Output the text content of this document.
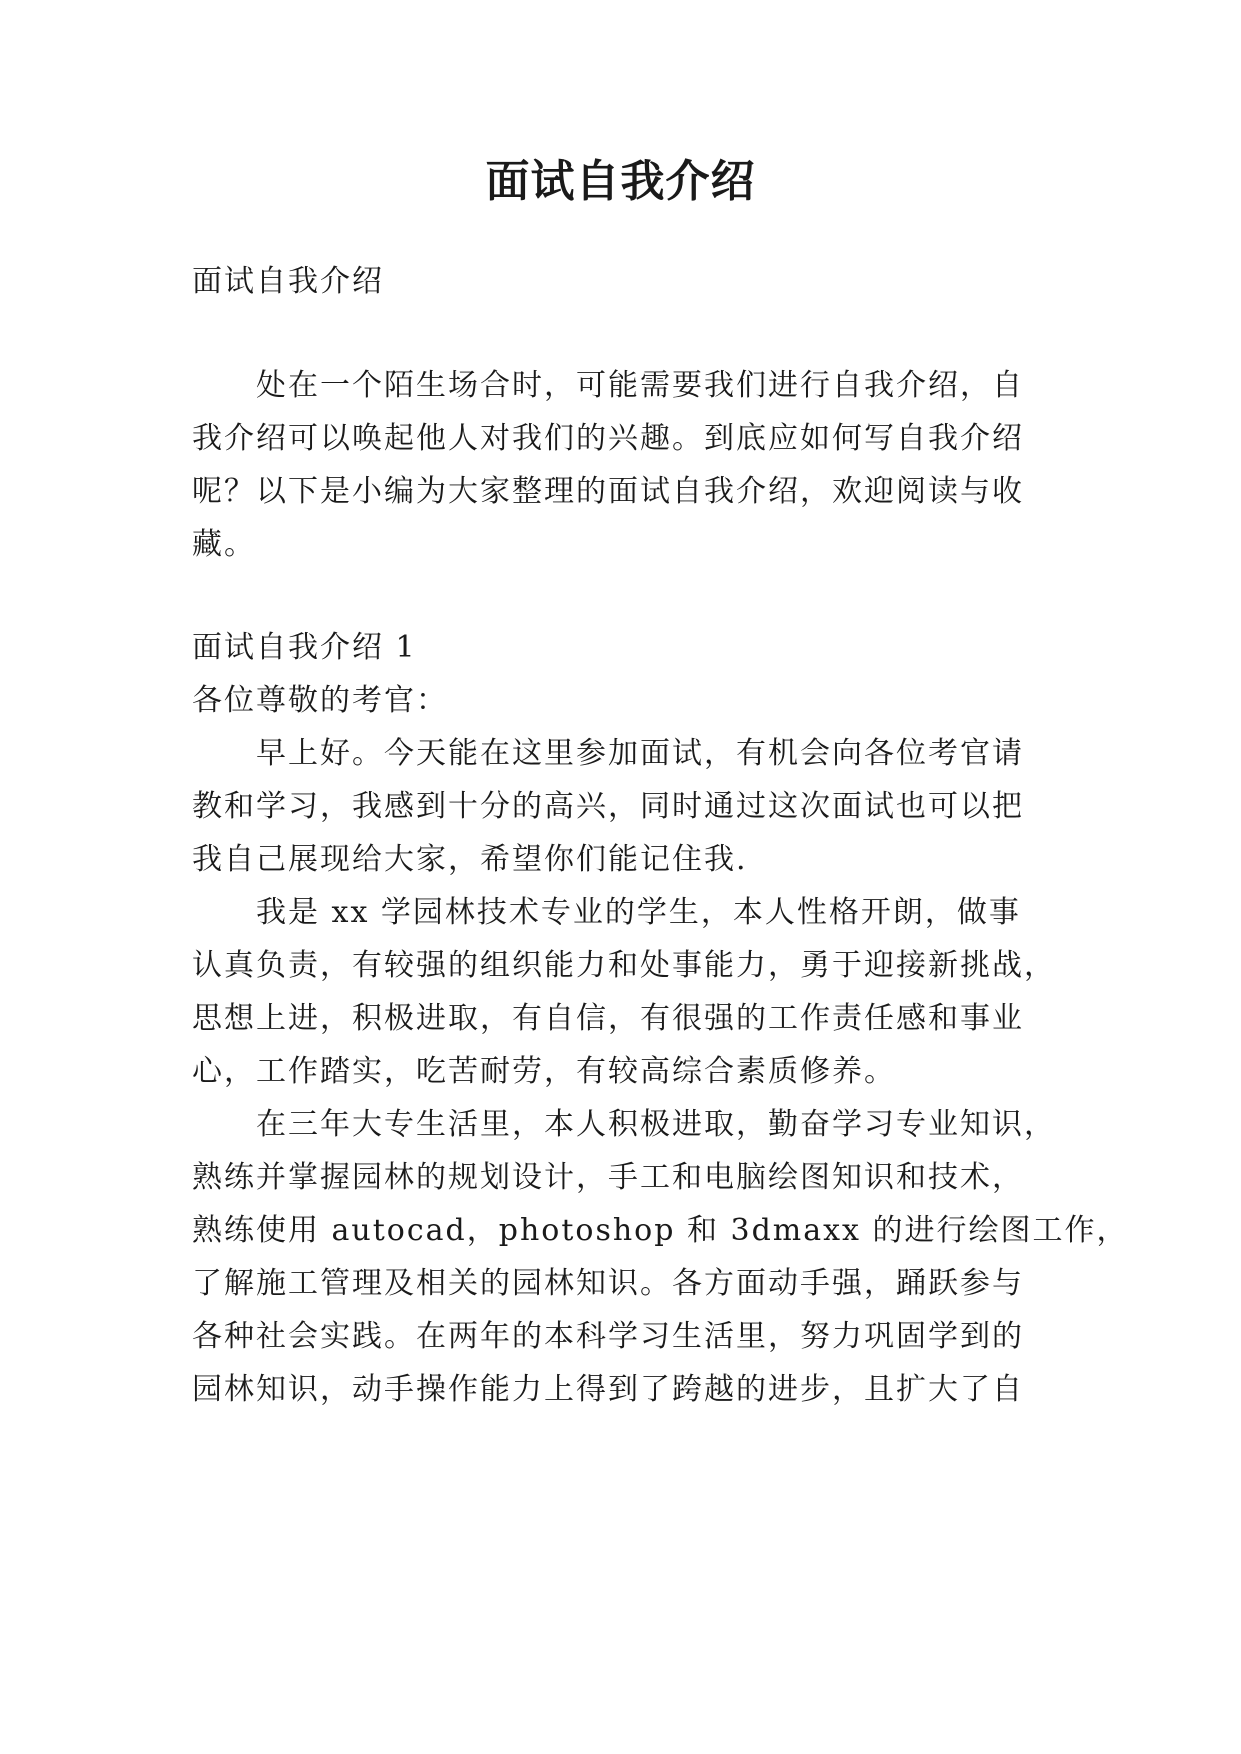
面试自我介绍
面试自我介绍
处在一个陌生场合时，可能需要我们进行自我介绍，自
我介绍可以唤起他人对我们的兴趣。到底应如何写自我介绍
呢？以下是小编为大家整理的面试自我介绍，欢迎阅读与收
藏。
面试自我介绍 1
各位尊敬的考官：
早上好。今天能在这里参加面试，有机会向各位考官请
教和学习，我感到十分的高兴，同时通过这次面试也可以把
我自己展现给大家，希望你们能记住我.
我是 xx 学园林技术专业的学生，本人性格开朗，做事
认真负责，有较强的组织能力和处事能力，勇于迎接新挑战，
思想上进，积极进取，有自信，有很强的工作责任感和事业
心，工作踏实，吃苦耐劳，有较高综合素质修养。
在三年大专生活里，本人积极进取，勤奋学习专业知识，
熟练并掌握园林的规划设计，手工和电脑绘图知识和技术，
熟练使用 autocad，photoshop 和 3dmaxx 的进行绘图工作，
了解施工管理及相关的园林知识。各方面动手强，踊跃参与
各种社会实践。在两年的本科学习生活里，努力巩固学到的
园林知识，动手操作能力上得到了跨越的进步，且扩大了自
